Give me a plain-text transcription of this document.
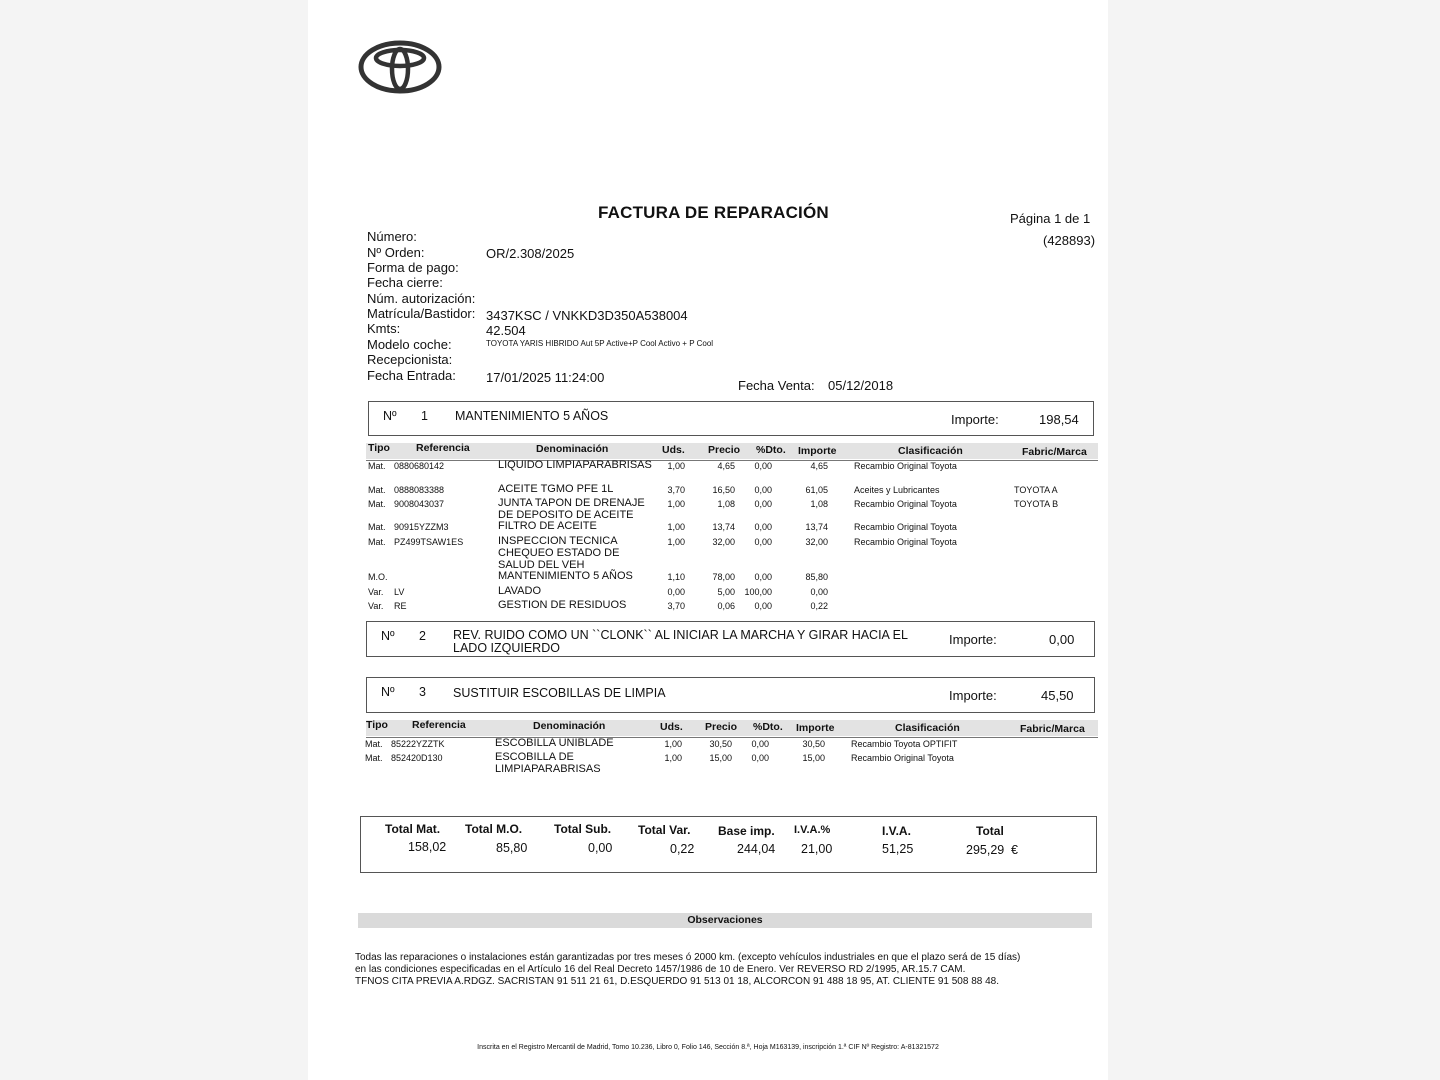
FACTURA DE REPARACIÓN	Página 1 de 1
(428893)
Número:
Nº Orden:	OR/2.308/2025
Forma de pago:
Fecha cierre:
Núm. autorización:
Matrícula/Bastidor: 3437KSC / VNKKD3D350A538004
Kmts:	42.504
Modelo coche:	TOYOTA YARIS HIBRIDO Aut 5P Active+P Cool Activo + P Cool
Recepcionista:
Fecha Entrada: 17/01/2025 11:24:00
Fecha Venta: 05/12/2018
Nº 1 MANTENIMIENTO 5 AÑOS	Importe:	198,54
Tipo Referencia	Denominación	Uds. Precio %Dto. Importe	Clasificación	Fabric/Marca
Mat. 0880680142	1,00	4,65	0,00	4,65	Recambio Original Toyota
LIQUIDO LIMPIAPARABRISAS
Mat. 0888083388	3,70	16,50	0,00	61,05	Aceites y Lubricantes	TOYOTA A
ACEITE TGMO PFE 1L
Mat. 9008043037	1,00	1,08	0,00	1,08	Recambio Original Toyota	TOYOTA B
JUNTA TAPON DE DRENAJE DE DEPOSITO DE ACEITE
Mat. 90915YZZM3	1,00	13,74	0,00	13,74	Recambio Original Toyota
FILTRO DE ACEITE
Mat. PZ499TSAW1ES	1,00	32,00	0,00	32,00	Recambio Original Toyota
INSPECCION TECNICA CHEQUEO ESTADO DE SALUD DEL VEH
M.O.	1,10	78,00	0,00	85,80
MANTENIMIENTO 5 AÑOS
Var. LV	0,00	5,00	100,00	0,00
LAVADO
Var. RE	3,70	0,06	0,00	0,22
GESTION DE RESIDUOS
Nº 2 REV. RUIDO COMO UN ``CLONK`` AL INICIAR LA MARCHA Y GIRAR HACIA EL LADO IZQUIERDO
Importe:	0,00
Nº 3 SUSTITUIR ESCOBILLAS DE LIMPIA	Importe:	45,50
Tipo Referencia	Denominación	Uds. Precio %Dto. Importe	Clasificación	Fabric/Marca
Mat. 85222YZZTK	1,00	30,50	0,00	30,50	Recambio Toyota OPTIFIT
ESCOBILLA UNIBLADE
Mat. 852420D130	1,00	15,00	0,00	15,00	Recambio Original Toyota
ESCOBILLA DE LIMPIAPARABRISAS
Total Mat.
158,02
Total M.O.
85,80
Total Sub.
0,00
Total Var.
0,22
Base imp.
244,04
I.V.A.%
21,00
I.V.A.
51,25
Total
295,29 €
Observaciones
Todas las reparaciones o instalaciones están garantizadas por tres meses ó 2000 km. (excepto vehículos industriales en que el plazo será de 15 días)
en las condiciones especificadas en el Artículo 16 del Real Decreto 1457/1986 de 10 de Enero. Ver REVERSO RD 2/1995, AR.15.7 CAM.
TFNOS CITA PREVIA A.RDGZ. SACRISTAN 91 511 21 61, D.ESQUERDO 91 513 01 18, ALCORCON 91 488 18 95, AT. CLIENTE 91 508 88 48.
Inscrita en el Registro Mercantil de Madrid, Tomo 10.236, Libro 0, Folio 146, Sección 8.ª, Hoja M163139, inscripción 1.ª CIF Nº Registro: A-81321572
